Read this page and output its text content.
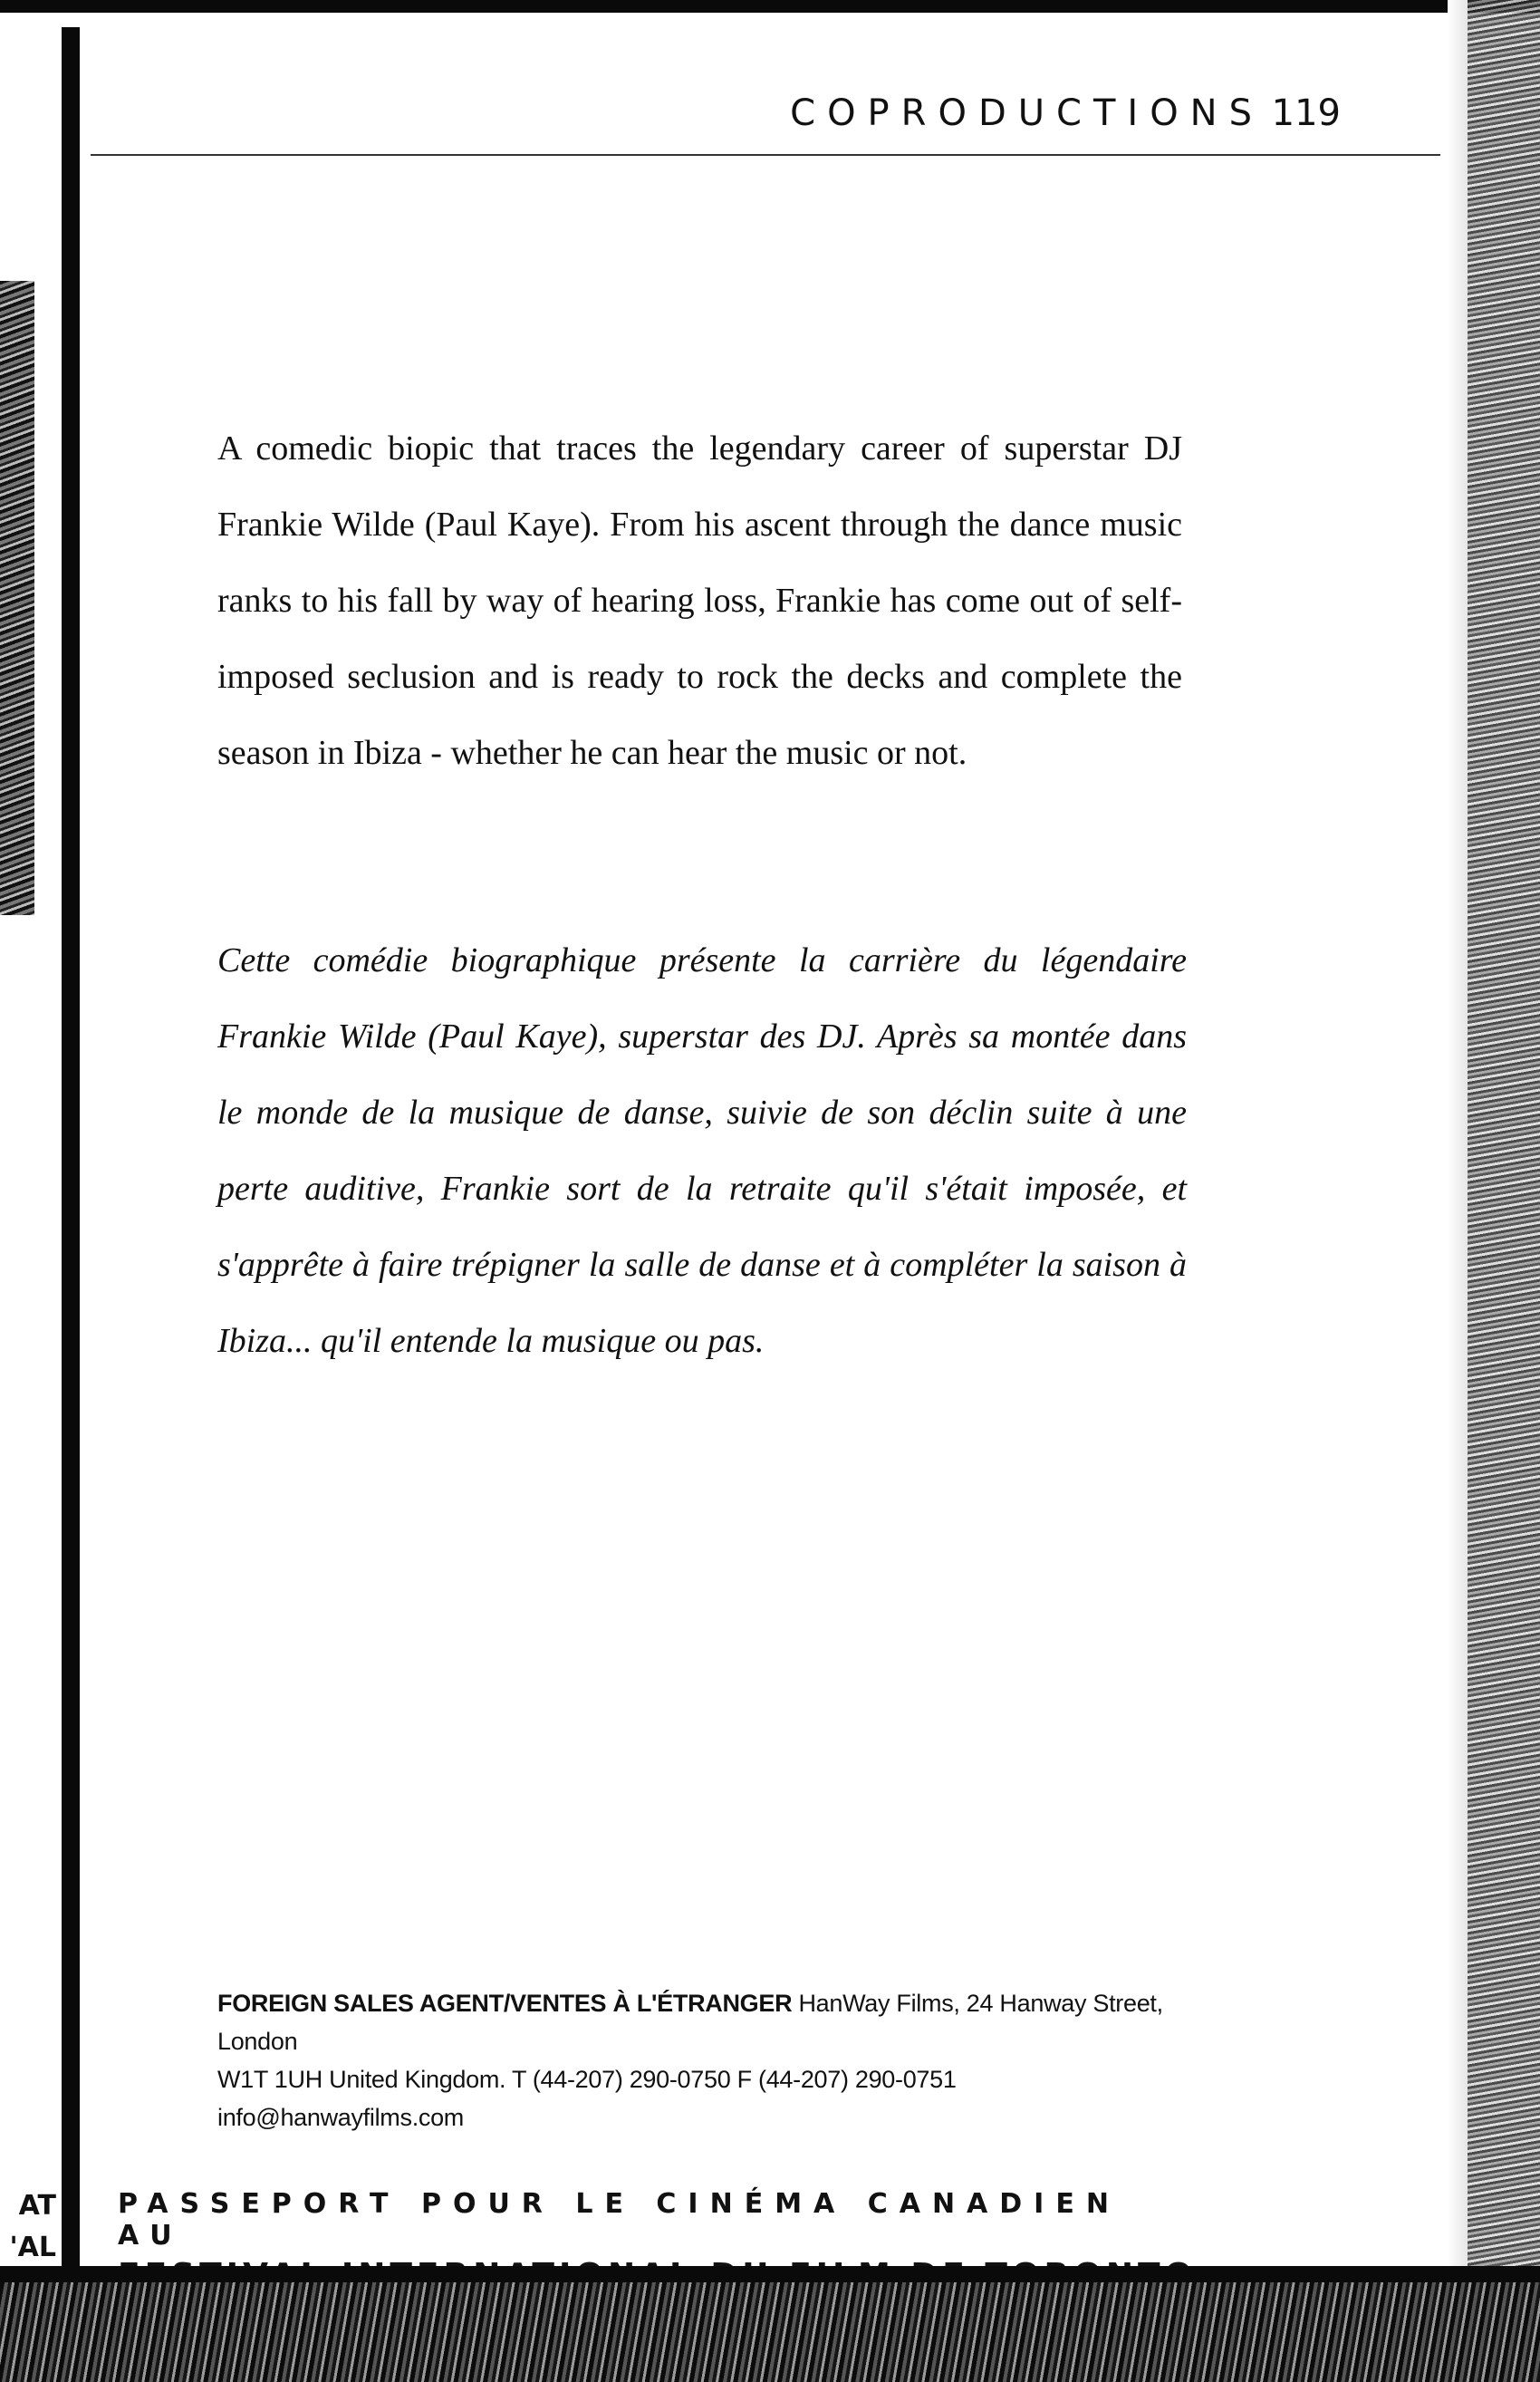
COPRODUCTIONS 119

A comedic biopic that traces the legendary career of superstar DJ Frankie Wilde (Paul Kaye). From his ascent through the dance music ranks to his fall by way of hearing loss, Frankie has come out of self-imposed seclusion and is ready to rock the decks and complete the season in Ibiza - whether he can hear the music or not.

Cette comédie biographique présente la carrière du légendaire Frankie Wilde (Paul Kaye), superstar des DJ. Après sa montée dans le monde de la musique de danse, suivie de son déclin suite à une perte auditive, Frankie sort de la retraite qu'il s'était imposée, et s'apprête à faire trépigner la salle de danse et à compléter la saison à Ibiza... qu'il entende la musique ou pas.

FOREIGN SALES AGENT/VENTES À L'ÉTRANGER HanWay Films, 24 Hanway Street, London
W1T 1UH United Kingdom. T (44-207) 290-0750 F (44-207) 290-0751 info@hanwayfilms.com
AT
'AL
PASSEPORT POUR LE CINÉMA CANADIEN AU
